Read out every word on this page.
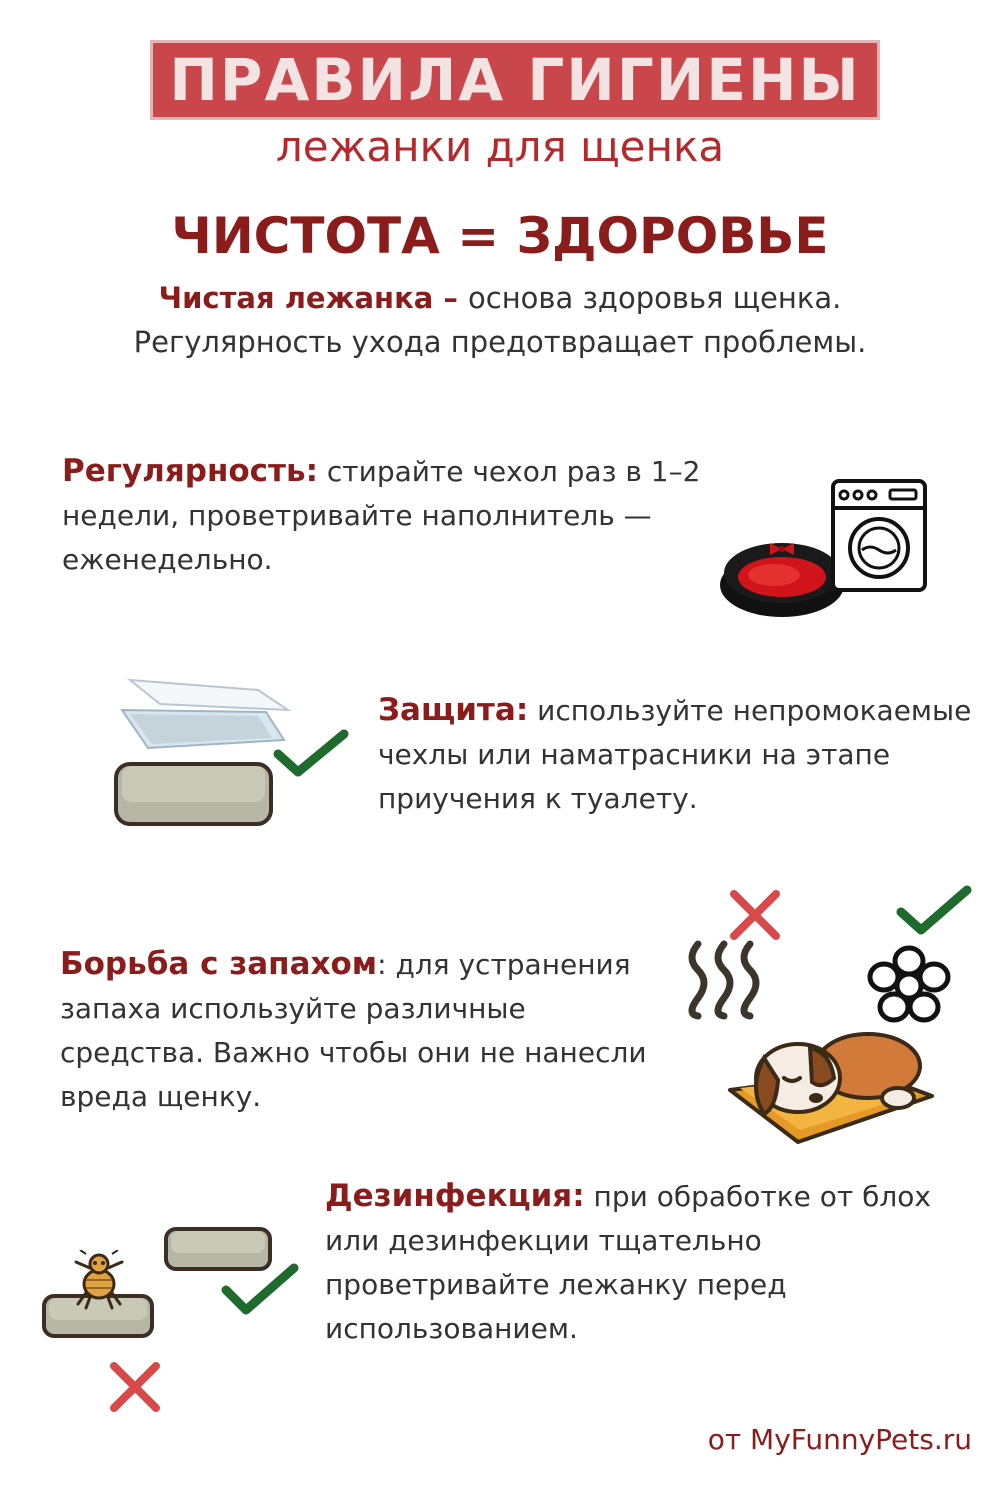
ПРАВИЛА ГИГИЕНЫ
лежанки для щенка
ЧИСТОТА = ЗДОРОВЬЕ
Чистая лежанка – основа здоровья щенка.
Регулярность ухода предотвращает проблемы.
Регулярность: стирайте чехол раз в 1–2 недели, проветривайте наполнитель — еженедельно.
Защита: используйте непромокаемые чехлы или наматрасники на этапе приучения к туалету.
Борьба с запахом: для устранения запаха используйте различные средства. Важно чтобы они не нанесли вреда щенку.
Дезинфекция: при обработке от блох или дезинфекции тщательно проветривайте лежанку перед использованием.
от MyFunnyPets.ru
